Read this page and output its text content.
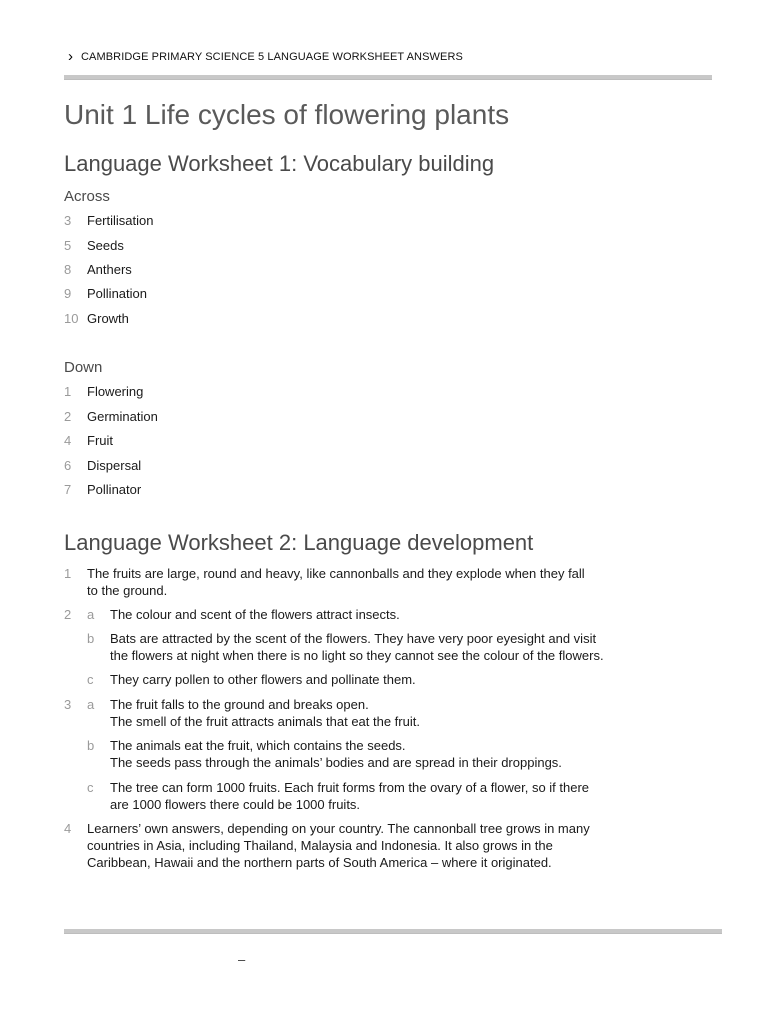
› CAMBRIDGE PRIMARY SCIENCE 5 LANGUAGE WORKSHEET ANSWERS
Unit 1 Life cycles of flowering plants
Language Worksheet 1: Vocabulary building
Across
3 Fertilisation
5 Seeds
8 Anthers
9 Pollination
10 Growth
Down
1 Flowering
2 Germination
4 Fruit
6 Dispersal
7 Pollinator
Language Worksheet 2: Language development
1 The fruits are large, round and heavy, like cannonballs and they explode when they fall
to the ground.
2 a The colour and scent of the flowers attract insects.
b Bats are attracted by the scent of the flowers. They have very poor eyesight and visit
the flowers at night when there is no light so they cannot see the colour of the flowers.
c They carry pollen to other flowers and pollinate them.
3 a The fruit falls to the ground and breaks open.
The smell of the fruit attracts animals that eat the fruit.
b The animals eat the fruit, which contains the seeds.
The seeds pass through the animals’ bodies and are spread in their droppings.
c The tree can form 1000 fruits. Each fruit forms from the ovary of a flower, so if there
are 1000 flowers there could be 1000 fruits.
4 Learners’ own answers, depending on your country. The cannonball tree grows in many
countries in Asia, including Thailand, Malaysia and Indonesia. It also grows in the
Caribbean, Hawaii and the northern parts of South America – where it originated.
–
